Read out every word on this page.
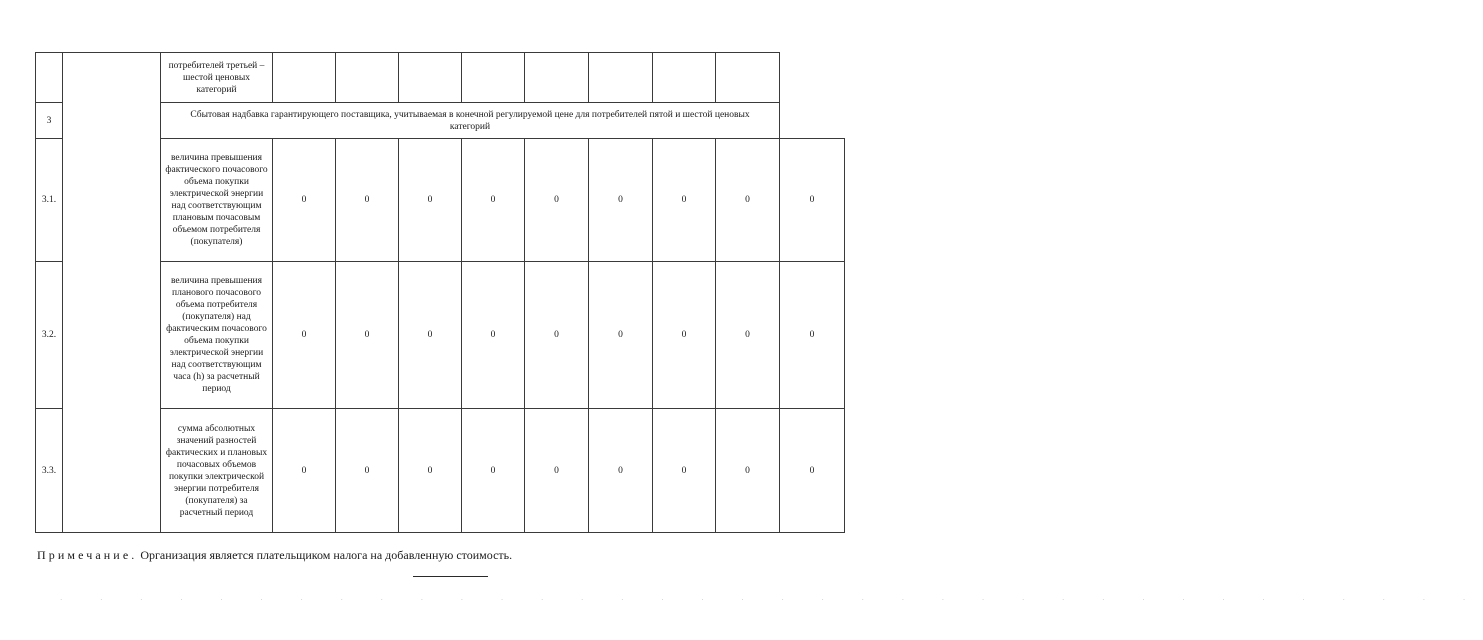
		потребителей третьей – шестой ценовых категорий									
3		Сбытовая надбавка гарантирующего поставщика, учитываемая в конечной регулируемой цене для потребителей пятой и шестой ценовых категорий									
3.1.		величина превышения фактического почасового объема покупки электрической энергии над соответствующим плановым почасовым объемом потребителя (покупателя)	0	0	0	0	0	0	0	0	0
3.2.		величина превышения планового почасового объема потребителя (покупателя) над фактическим почасового объема покупки электрической энергии над соответствующим часа (h) за расчетный период	0	0	0	0	0	0	0	0	0
3.3.		сумма абсолютных значений разностей фактических и плановых почасовых объемов покупки электрической энергии потребителя (покупателя) за расчетный период	0	0	0	0	0	0	0	0	0
Примечание. Организация является плательщиком налога на добавленную стоимость.
· · · · · · · · · · · · · · · · · · · · · · · · · · · · · · · · · · · ·
